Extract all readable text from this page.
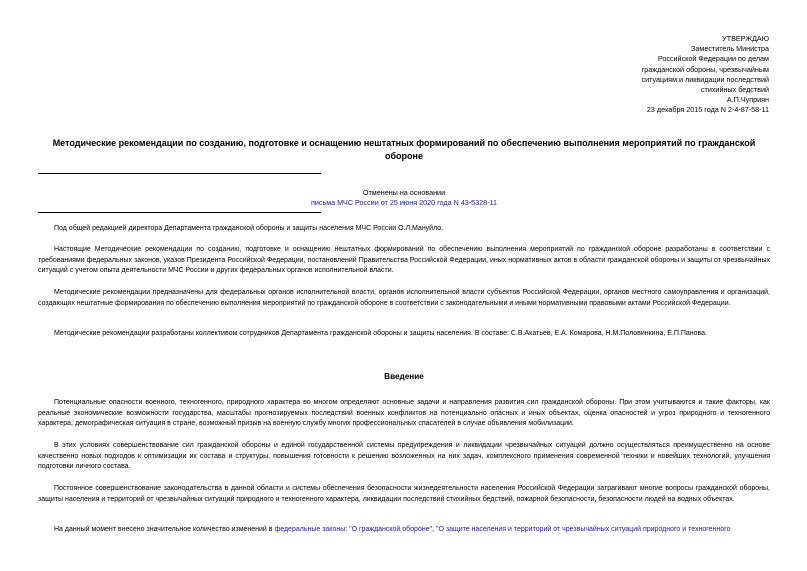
УТВЕРЖДАЮ
Заместитель Министра
Российской Федерации по делам
гражданской обороны, чрезвычайным
ситуациям и ликвидации последствий
стихийных бедствий
А.П.Чуприян
23 декабря 2015 года N 2-4-87-58-11
Методические рекомендации по созданию, подготовке и оснащению нештатных формирований по обеспечению выполнения мероприятий по гражданской обороне
Отменены на основании
письма МЧС России от 25 июня 2020 года N 43-5328-11
Под общей редакцией директора Департамента гражданской обороны и защиты населения МЧС России О.Л.Мануйло.
Настоящие Методические рекомендации по созданию, подготовке и оснащению нештатных формирований по обеспечению выполнения мероприятий по гражданской обороне разработаны в соответствии с требованиями федеральных законов, указов Президента Российской Федерации, постановлений Правительства Российской Федерации, иных нормативных актов в области гражданской обороны и защиты от чрезвычайных ситуаций с учетом опыта деятельности МЧС России и других федеральных органов исполнительной власти.
Методические рекомендации предназначены для федеральных органов исполнительной власти, органов исполнительной власти субъектов Российской Федерации, органов местного самоуправления и организаций, создающих нештатные формирования по обеспечению выполнения мероприятий по гражданской обороне в соответствии с законодательными и иными нормативными правовыми актами Российской Федерации.
Методические рекомендации разработаны коллективом сотрудников Департамента гражданской обороны и защиты населения. В составе: С.В.Акатьев, Е.А. Комарова, Н.М.Половинкина, Е.П.Панова.
Введение
Потенциальные опасности военного, техногенного, природного характера во многом определяют основные задачи и направления развития сил гражданской обороны. При этом учитываются и такие факторы, как реальные экономические возможности государства, масштабы прогнозируемых последствий военных конфликтов на потенциально опасных и иных объектах, оценка опасностей и угроз природного и техногенного характера, демографическая ситуация в стране, возможный призыв на военную службу многих профессиональных спасателей в случае объявления мобилизации.
В этих условиях совершенствование сил гражданской обороны и единой государственной системы предупреждения и ликвидации чрезвычайных ситуаций должно осуществляться преимущественно на основе качественно новых подходов к оптимизации их состава и структуры, повышения готовности к решению возложенных на них задач, комплексного применения современной техники и новейших технологий, улучшения подготовки личного состава.
Постоянное совершенствование законодательства в данной области и системы обеспечения безопасности жизнедеятельности населения Российской Федерации затрагивают многие вопросы гражданской обороны, защиты населения и территорий от чрезвычайных ситуаций природного и техногенного характера, ликвидации последствий стихийных бедствий, пожарной безопасности, безопасности людей на водных объектах.
На данный момент внесено значительное количество изменений в федеральные законы: "О гражданской обороне", "О защите населения и территорий от чрезвычайных ситуаций природного и техногенного
